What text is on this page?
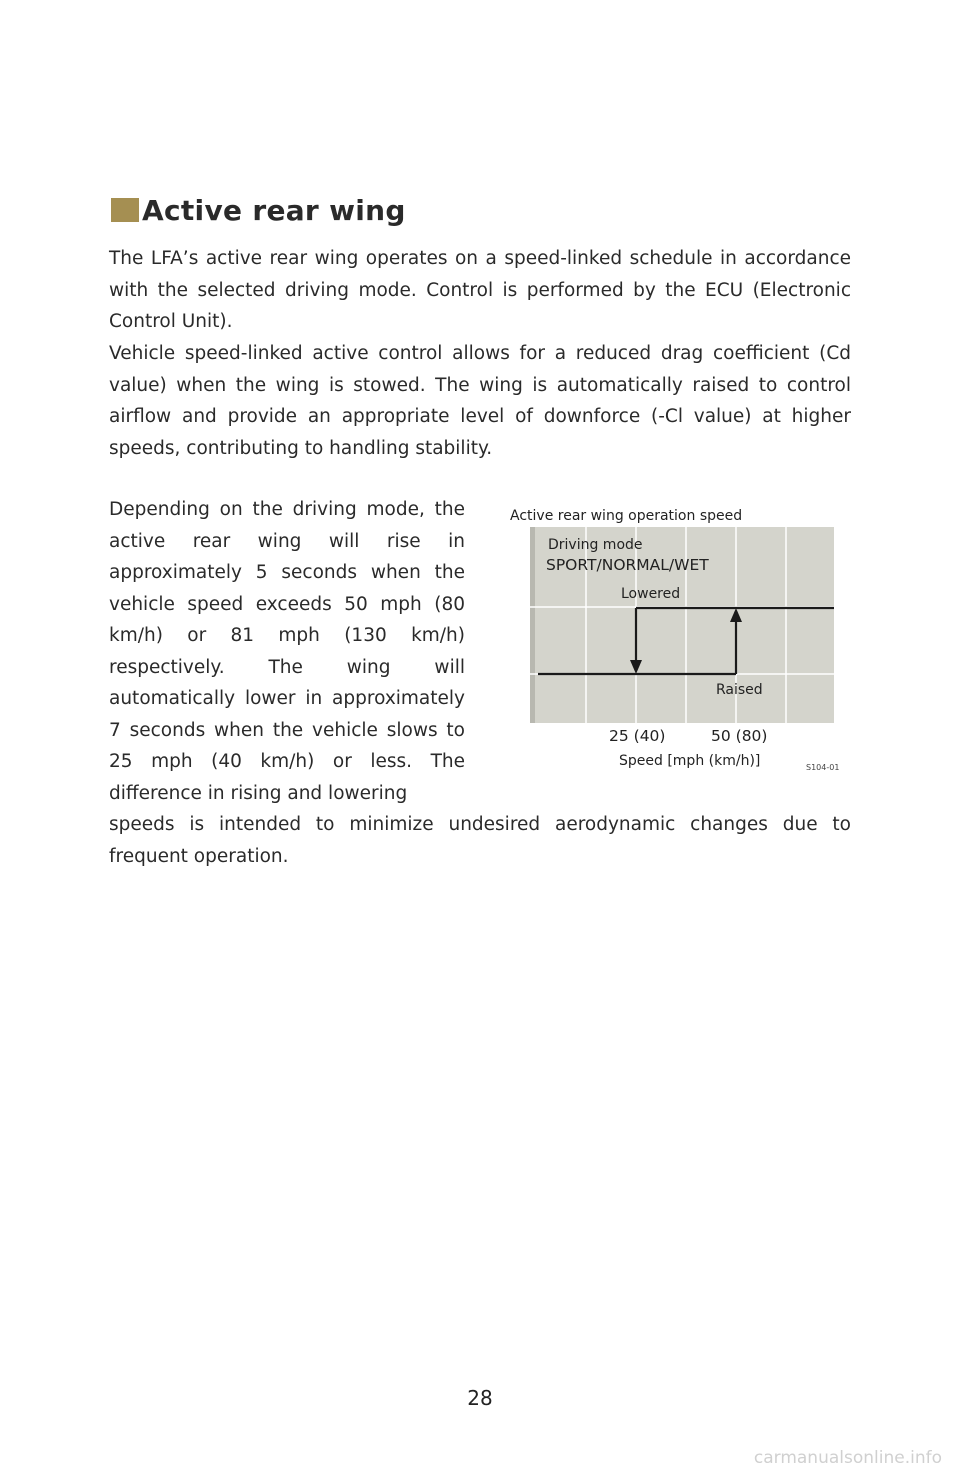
Active rear wing
The LFA’s active rear wing operates on a speed-linked schedule in accordance with the selected driving mode. Control is performed by the ECU (Electronic Control Unit).
Vehicle speed-linked active control allows for a reduced drag coefficient (Cd value) when the wing is stowed. The wing is automatically raised to control airflow and provide an appropriate level of downforce (-Cl value) at higher speeds, contributing to handling stability.
Depending on the driving mode, the active rear wing will rise in approximately 5 seconds when the vehicle speed exceeds 50 mph (80 km/h) or 81 mph (130 km/h) respectively. The wing will automatically lower in approximately 7 seconds when the vehicle slows to 25 mph (40 km/h) or less. The difference in rising and lowering
speeds is intended to minimize undesired aerodynamic changes due to frequent operation.
Active rear wing operation speed
Driving mode
SPORT/NORMAL/WET
Lowered
Raised
25 (40)	50 (80)
Speed [mph (km/h)]	S104-01
28
carmanualsonline.info
